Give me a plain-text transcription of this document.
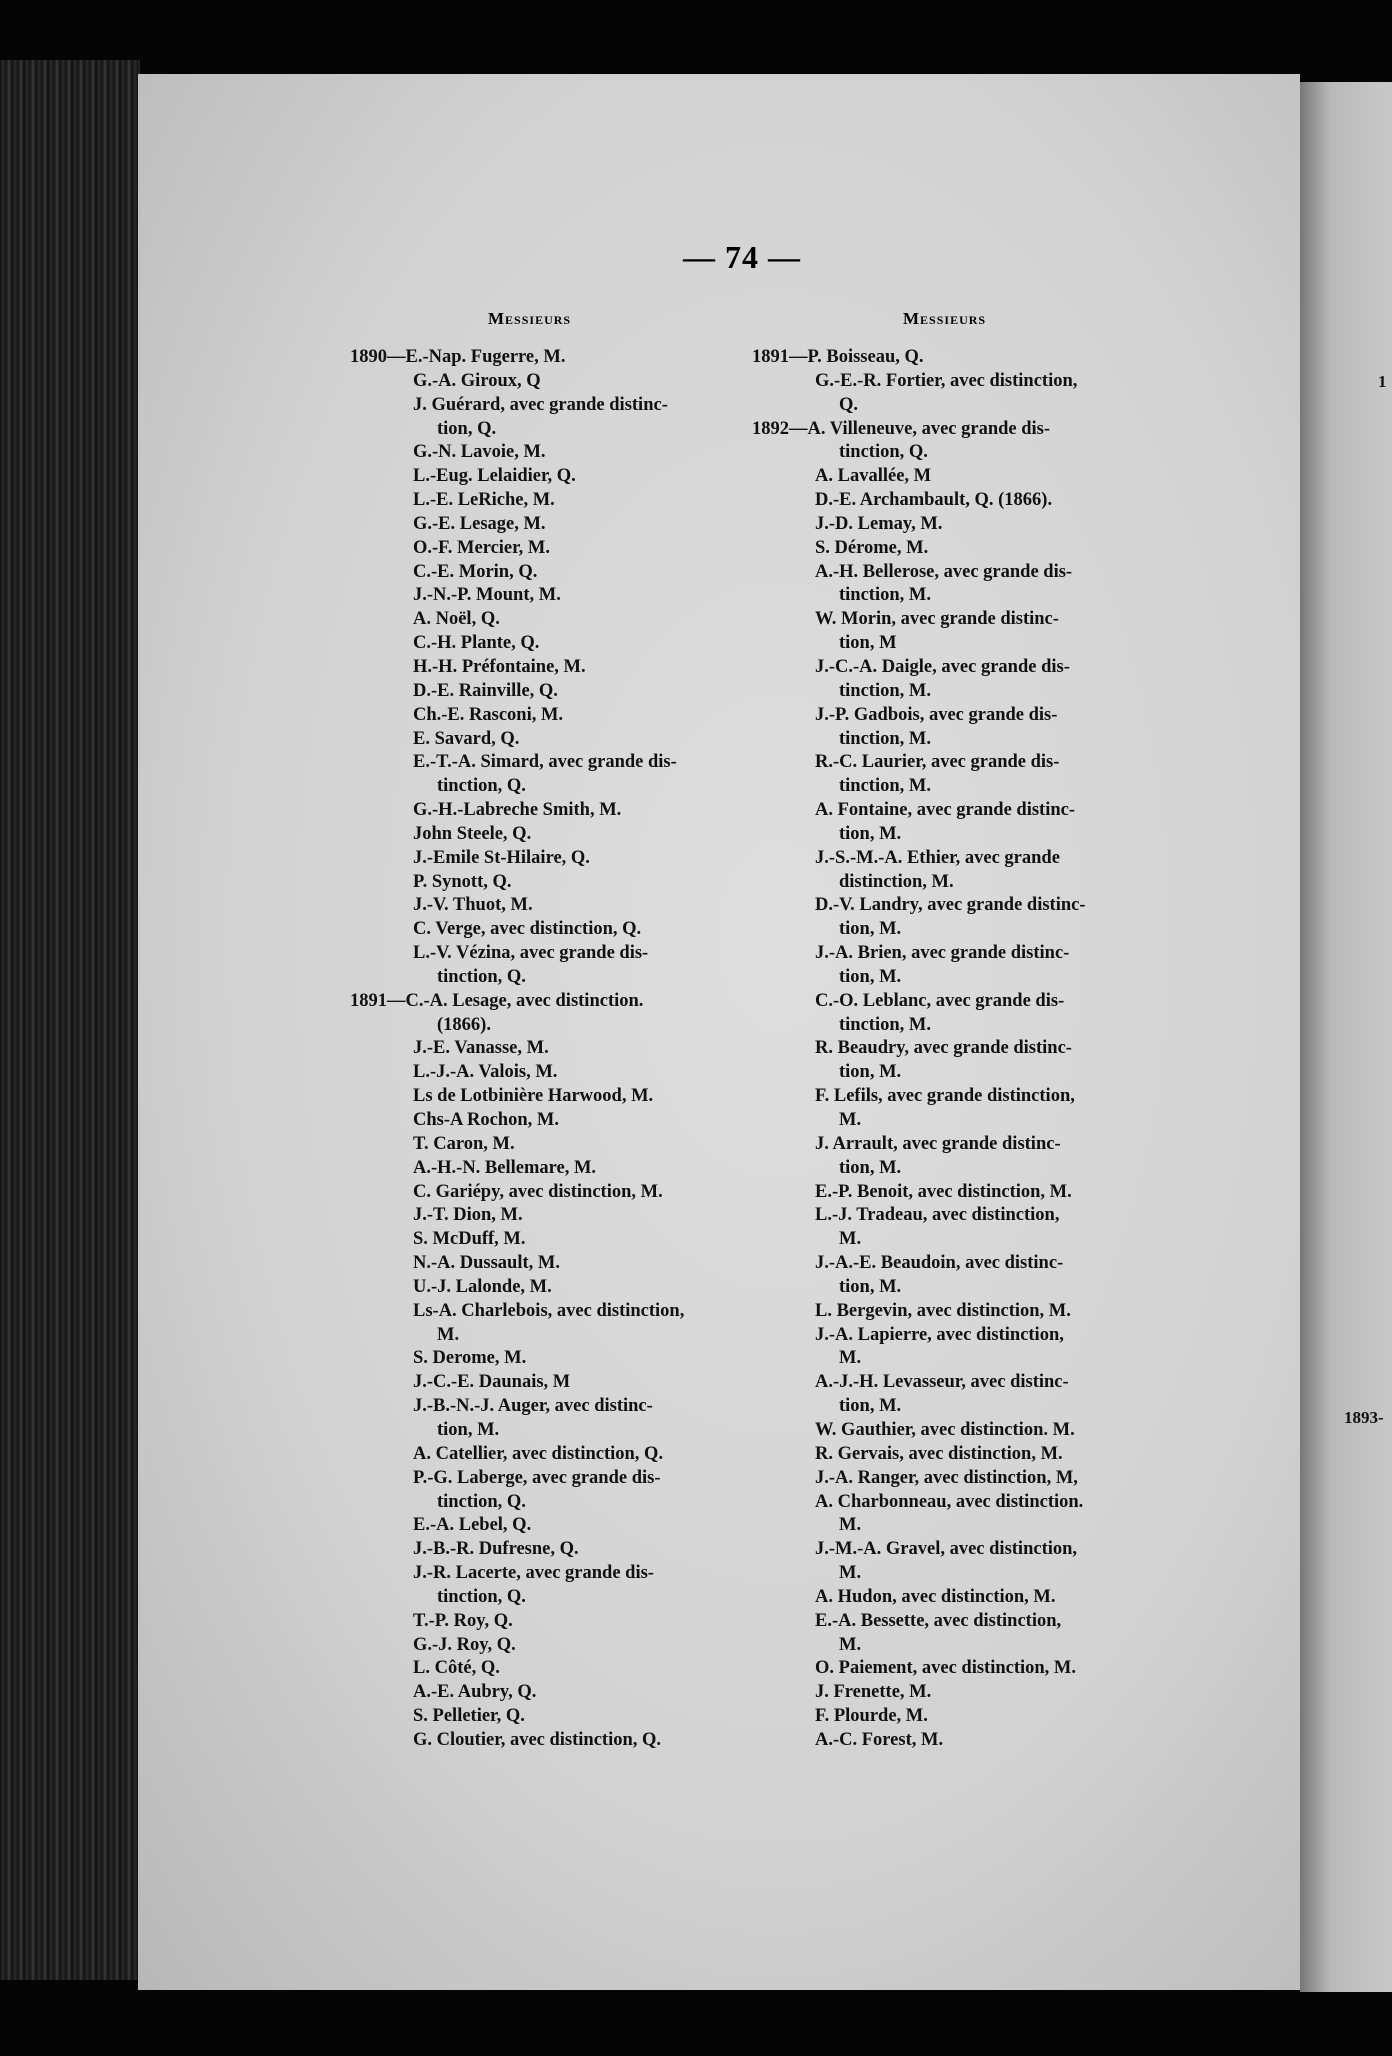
— 74 —
Messieurs	Messieurs
1890—E.-Nap. Fugerre, M.
G.-A. Giroux, Q
J. Guérard, avec grande distinc-
tion, Q.
G.-N. Lavoie, M.
L.-Eug. Lelaidier, Q.
L.-E. LeRiche, M.
G.-E. Lesage, M.
O.-F. Mercier, M.
C.-E. Morin, Q.
J.-N.-P. Mount, M.
A. Noël, Q.
C.-H. Plante, Q.
H.-H. Préfontaine, M.
D.-E. Rainville, Q.
Ch.-E. Rasconi, M.
E. Savard, Q.
E.-T.-A. Simard, avec grande dis-
tinction, Q.
G.-H.-Labreche Smith, M.
John Steele, Q.
J.-Emile St-Hilaire, Q.
P. Synott, Q.
J.-V. Thuot, M.
C. Verge, avec distinction, Q.
L.-V. Vézina, avec grande dis-
tinction, Q.
1891—C.-A. Lesage, avec distinction.
(1866).
J.-E. Vanasse, M.
L.-J.-A. Valois, M.
Ls de Lotbinière Harwood, M.
Chs-A Rochon, M.
T. Caron, M.
A.-H.-N. Bellemare, M.
C. Gariépy, avec distinction, M.
J.-T. Dion, M.
S. McDuff, M.
N.-A. Dussault, M.
U.-J. Lalonde, M.
Ls-A. Charlebois, avec distinction,
M.
S. Derome, M.
J.-C.-E. Daunais, M
J.-B.-N.-J. Auger, avec distinc-
tion, M.
A. Catellier, avec distinction, Q.
P.-G. Laberge, avec grande dis-
tinction, Q.
E.-A. Lebel, Q.
J.-B.-R. Dufresne, Q.
J.-R. Lacerte, avec grande dis-
tinction, Q.
T.-P. Roy, Q.
G.-J. Roy, Q.
L. Côté, Q.
A.-E. Aubry, Q.
S. Pelletier, Q.
G. Cloutier, avec distinction, Q.
1891—P. Boisseau, Q.
G.-E.-R. Fortier, avec distinction,
Q.
1892—A. Villeneuve, avec grande dis-
tinction, Q.
A. Lavallée, M
D.-E. Archambault, Q. (1866).
J.-D. Lemay, M.
S. Dérome, M.
A.-H. Bellerose, avec grande dis-
tinction, M.
W. Morin, avec grande distinc-
tion, M
J.-C.-A. Daigle, avec grande dis-
tinction, M.
J.-P. Gadbois, avec grande dis-
tinction, M.
R.-C. Laurier, avec grande dis-
tinction, M.
A. Fontaine, avec grande distinc-
tion, M.
J.-S.-M.-A. Ethier, avec grande
distinction, M.
D.-V. Landry, avec grande distinc-
tion, M.
J.-A. Brien, avec grande distinc-
tion, M.
C.-O. Leblanc, avec grande dis-
tinction, M.
R. Beaudry, avec grande distinc-
tion, M.
F. Lefils, avec grande distinction,
M.
J. Arrault, avec grande distinc-
tion, M.
E.-P. Benoit, avec distinction, M.
L.-J. Tradeau, avec distinction,
M.
J.-A.-E. Beaudoin, avec distinc-
tion, M.
L. Bergevin, avec distinction, M.
J.-A. Lapierre, avec distinction,
M.
A.-J.-H. Levasseur, avec distinc-
tion, M.
W. Gauthier, avec distinction. M.
R. Gervais, avec distinction, M.
J.-A. Ranger, avec distinction, M,
A. Charbonneau, avec distinction.
M.
J.-M.-A. Gravel, avec distinction,
M.
A. Hudon, avec distinction, M.
E.-A. Bessette, avec distinction,
M.
O. Paiement, avec distinction, M.
J. Frenette, M.
F. Plourde, M.
A.-C. Forest, M.
1
1893-
